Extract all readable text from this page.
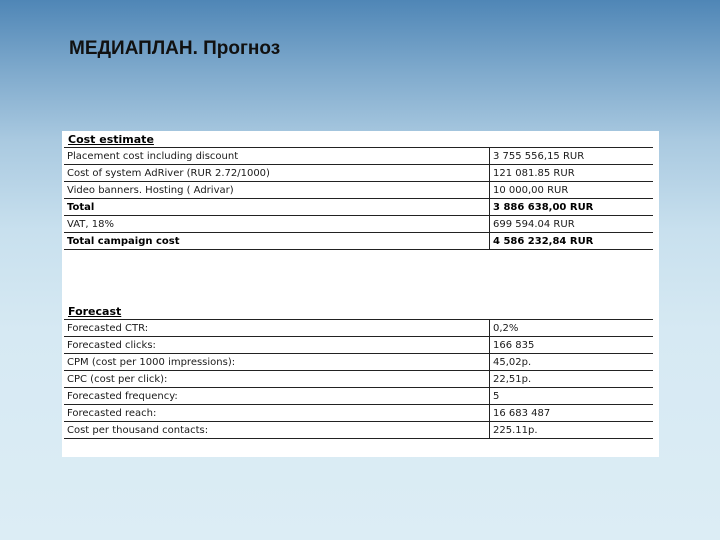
МЕДИАПЛАН. Прогноз
Cost estimate
Placement cost including discount	3 755 556,15 RUR
Cost of system AdRiver (RUR 2.72/1000)	121 081.85 RUR
Video banners. Hosting ( Adrivar)	10 000,00 RUR
Total	3 886 638,00 RUR
VAT, 18%	699 594.04 RUR
Total campaign cost	4 586 232,84 RUR
Forecast
Forecasted CTR:	0,2%
Forecasted clicks:	166 835
CPM (cost per 1000 impressions):	45,02p.
CPC (cost per click):	22,51p.
Forecasted frequency:	5
Forecasted reach:	16 683 487
Cost per thousand contacts:	225.11p.
